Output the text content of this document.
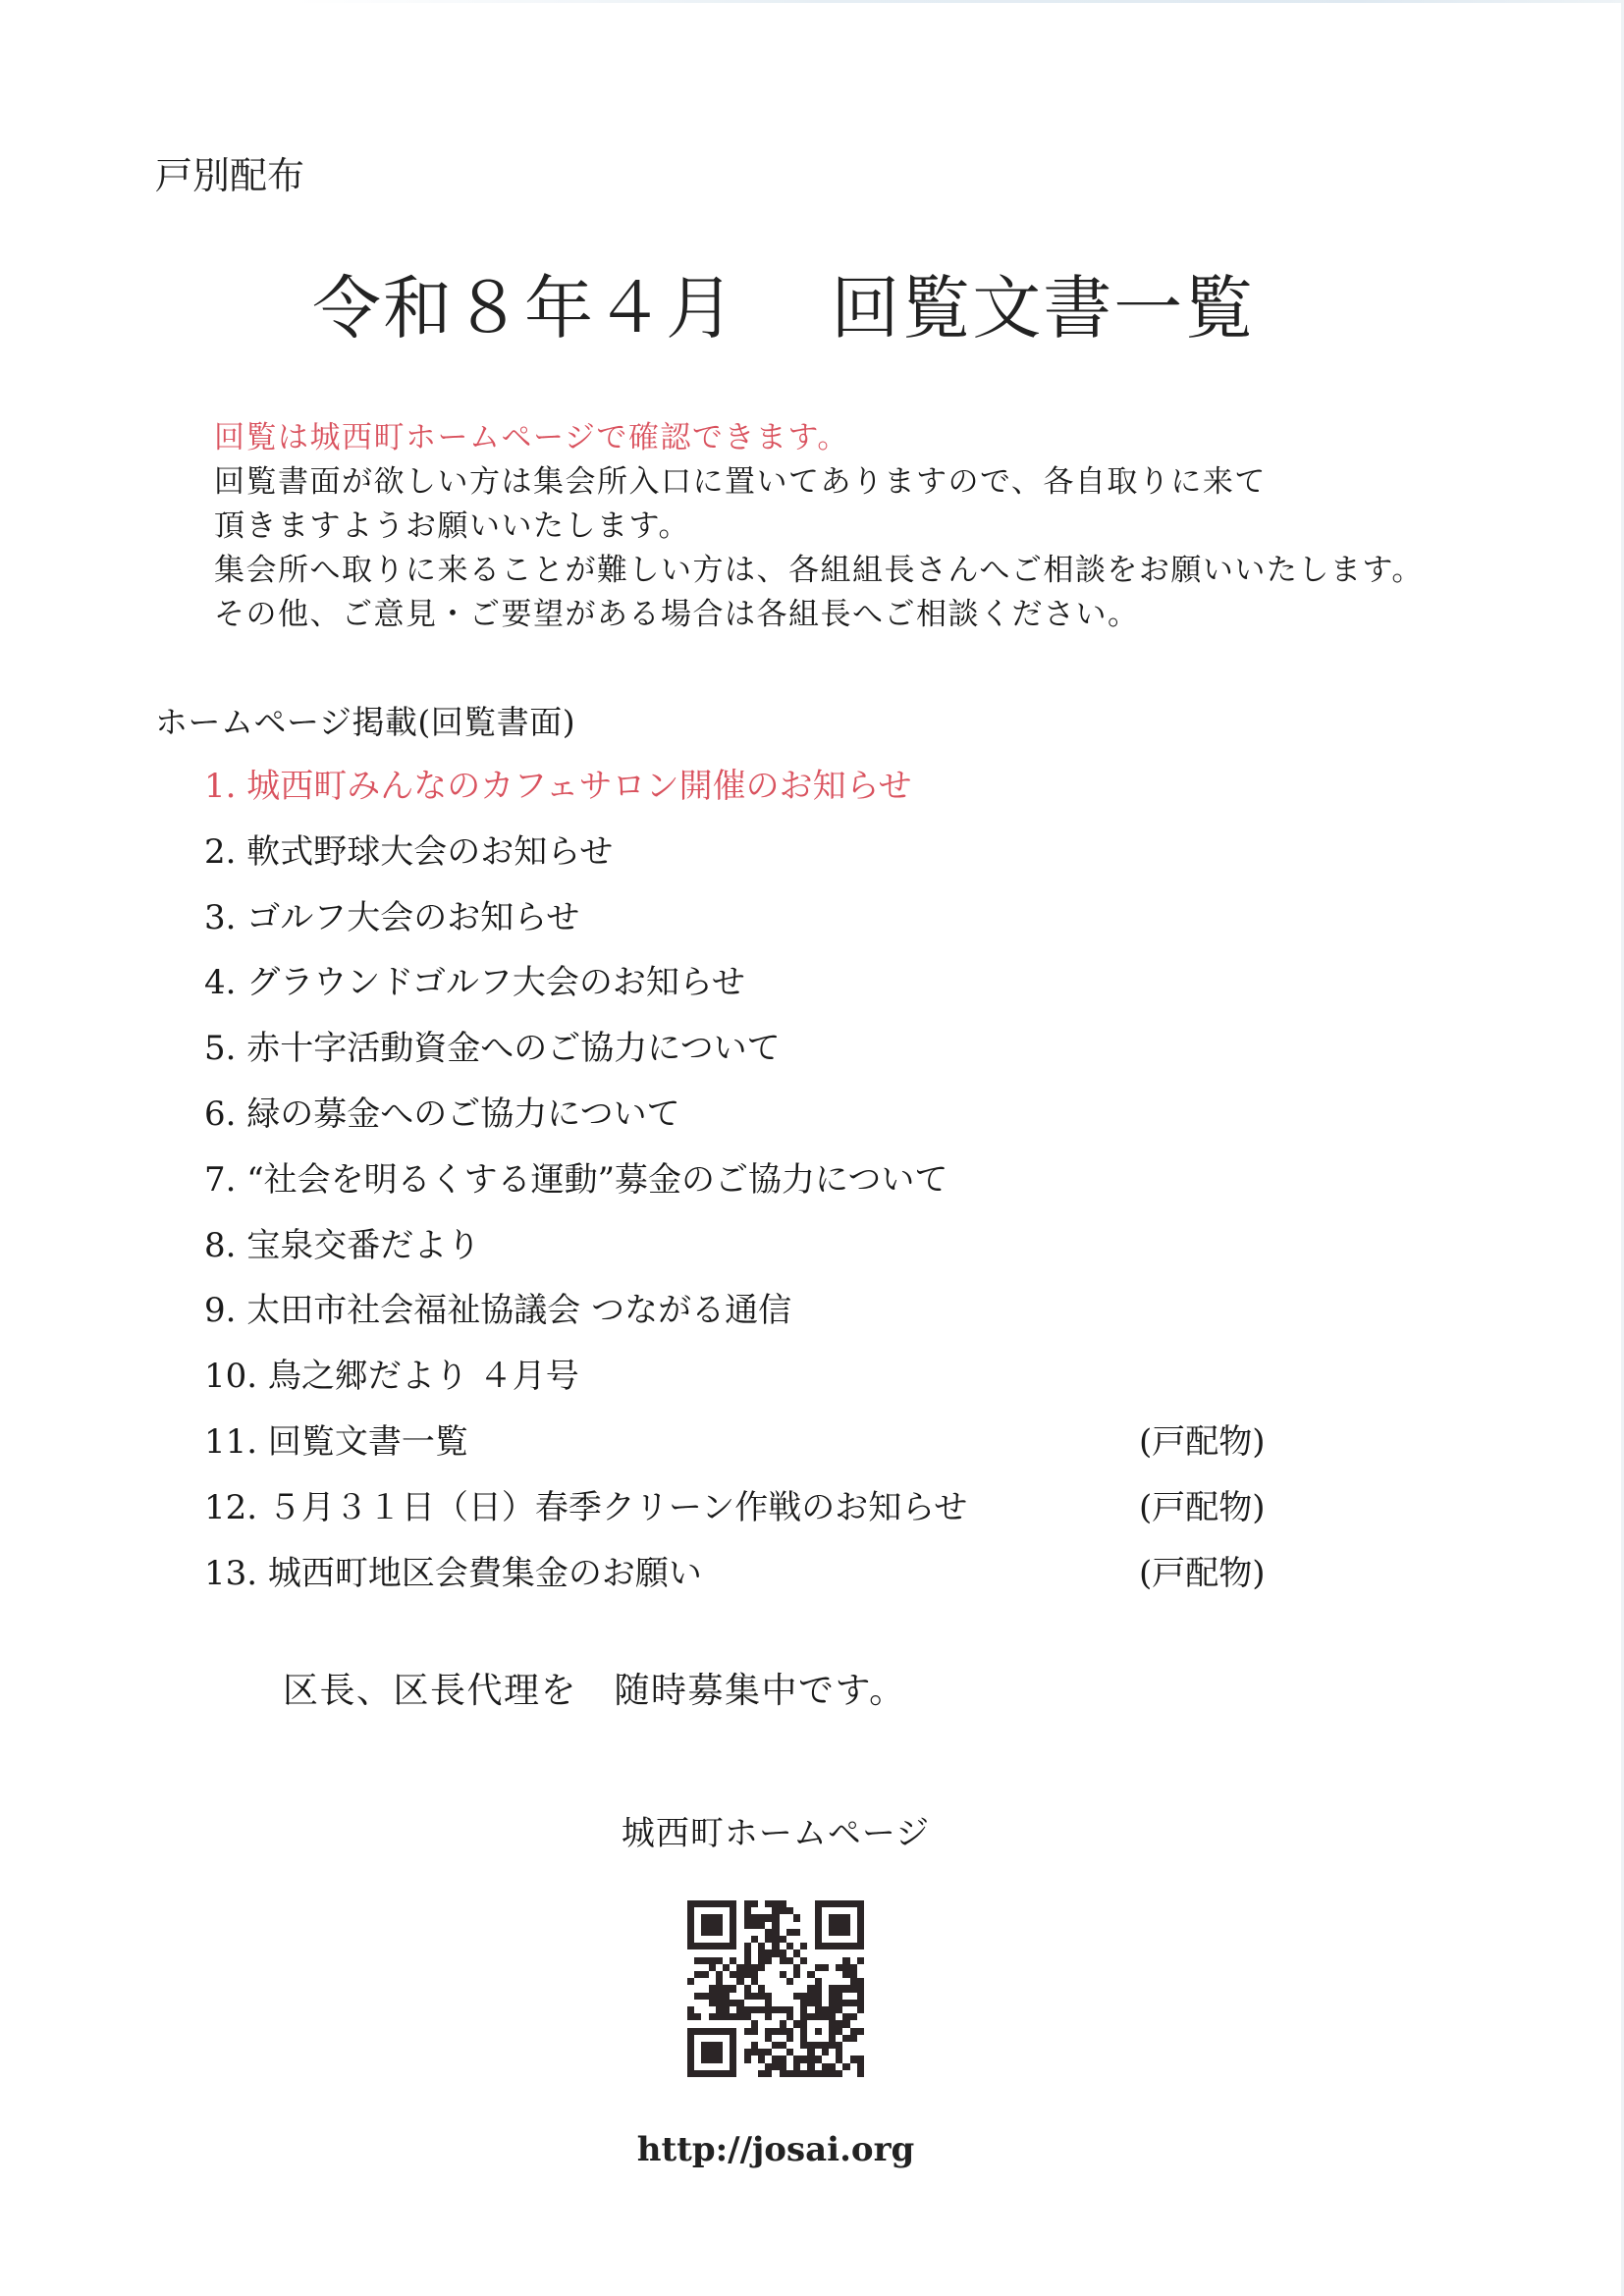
戸別配布
令和８年４月　 回覧文書一覧
回覧は城西町ホームページで確認できます。
回覧書面が欲しい方は集会所入口に置いてありますので、各自取りに来て
頂きますようお願いいたします。
集会所へ取りに来ることが難しい方は、各組組長さんへご相談をお願いいたします。
その他、ご意見・ご要望がある場合は各組長へご相談ください。
ホームページ掲載(回覧書面)
1. 城西町みんなのカフェサロン開催のお知らせ
2. 軟式野球大会のお知らせ
3. ゴルフ大会のお知らせ
4. グラウンドゴルフ大会のお知らせ
5. 赤十字活動資金へのご協力について
6. 緑の募金へのご協力について
7. “社会を明るくする運動”募金のご協力について
8. 宝泉交番だより
9. 太田市社会福祉協議会 つながる通信
10. 鳥之郷だより ４月号
11. 回覧文書一覧	(戸配物)
12. ５月３１日（日）春季クリーン作戦のお知らせ	(戸配物)
13. 城西町地区会費集金のお願い	(戸配物)
区長、区長代理を　随時募集中です。
城西町ホームページ
http://josai.org
